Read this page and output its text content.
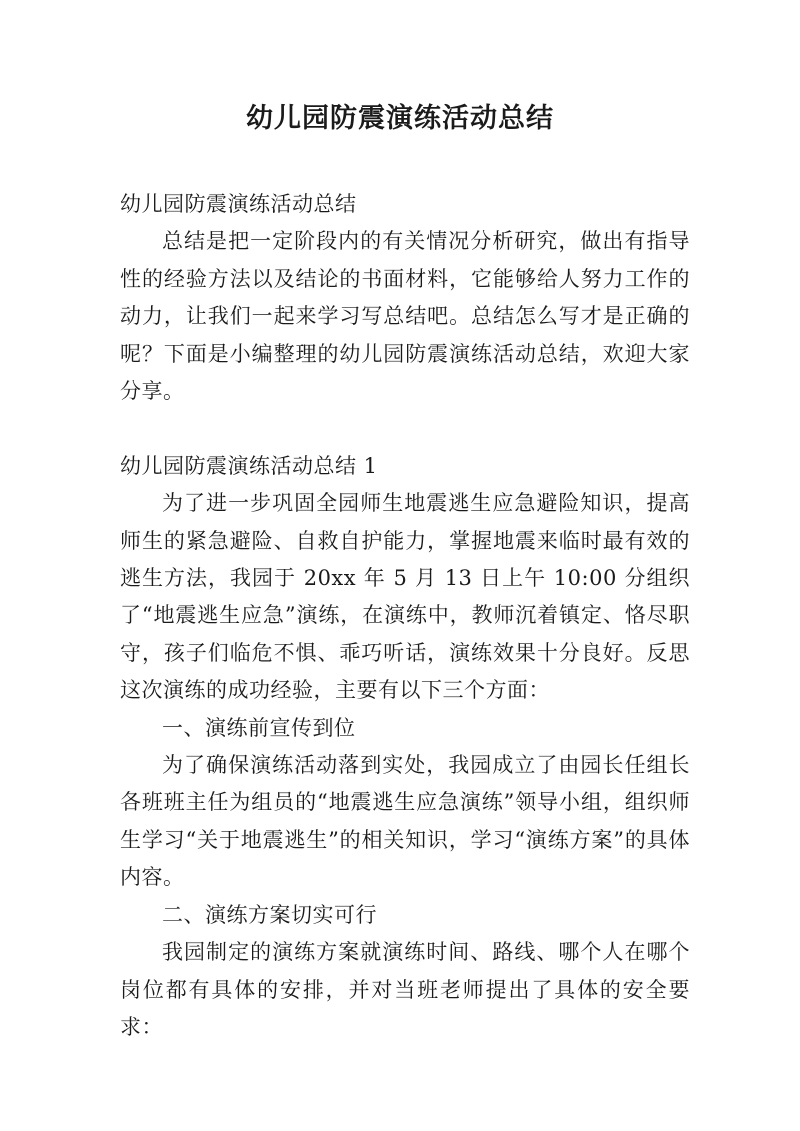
幼儿园防震演练活动总结

幼儿园防震演练活动总结

总结是把一定阶段内的有关情况分析研究，做出有指导性的经验方法以及结论的书面材料，它能够给人努力工作的动力，让我们一起来学习写总结吧。总结怎么写才是正确的呢？下面是小编整理的幼儿园防震演练活动总结，欢迎大家分享。

幼儿园防震演练活动总结 1

为了进一步巩固全园师生地震逃生应急避险知识，提高师生的紧急避险、自救自护能力，掌握地震来临时最有效的逃生方法，我园于 20xx 年 5 月 13 日上午 10:00 分组织了“地震逃生应急”演练，在演练中，教师沉着镇定、恪尽职守，孩子们临危不惧、乖巧听话，演练效果十分良好。反思这次演练的成功经验，主要有以下三个方面：

一、演练前宣传到位

为了确保演练活动落到实处，我园成立了由园长任组长各班班主任为组员的“地震逃生应急演练”领导小组，组织师生学习“关于地震逃生”的相关知识，学习“演练方案”的具体内容。

二、演练方案切实可行

我园制定的演练方案就演练时间、路线、哪个人在哪个岗位都有具体的安排，并对当班老师提出了具体的安全要求：
